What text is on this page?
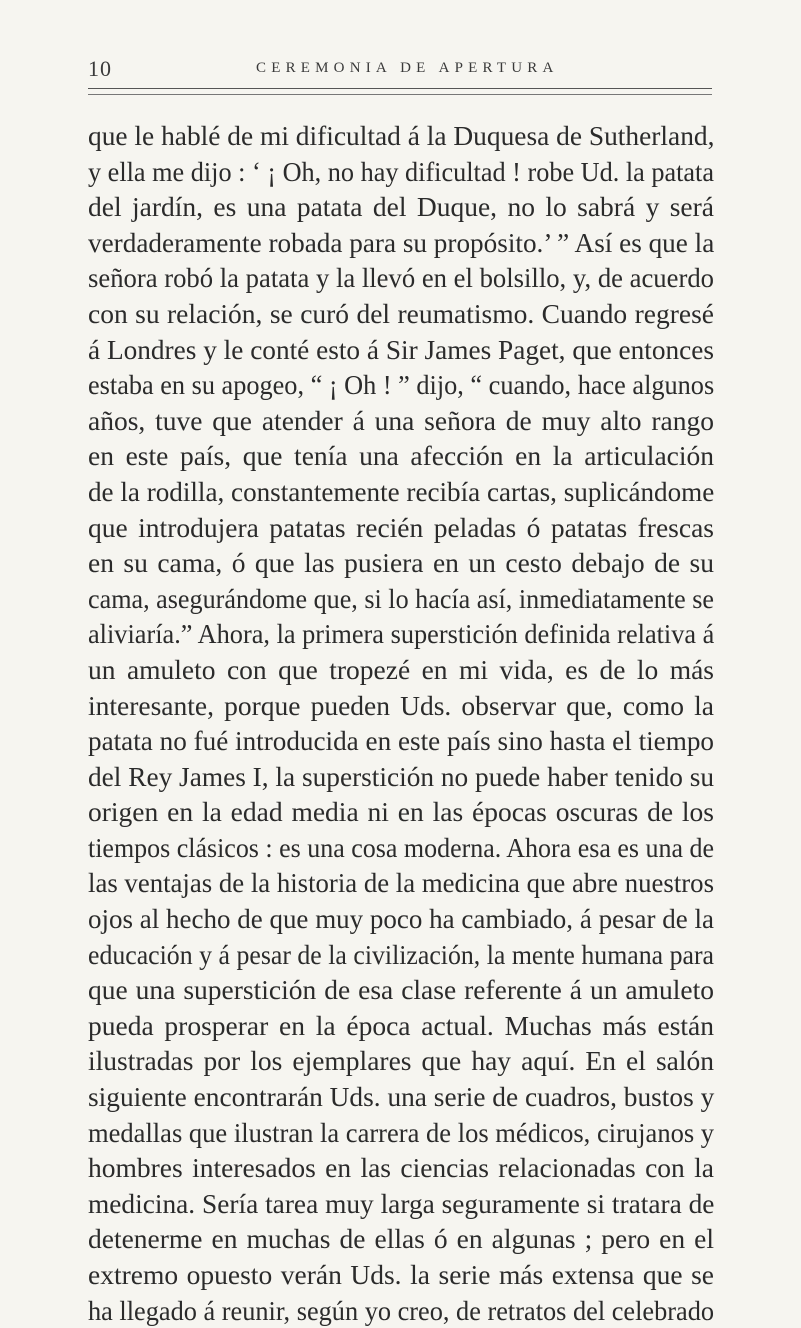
10	CEREMONIA DE APERTURA
que le hablé de mi dificultad á la Duquesa de Sutherland,
y ella me dijo : ‘ ¡ Oh, no hay dificultad ! robe Ud. la patata
del jardín, es una patata del Duque, no lo sabrá y será
verdaderamente robada para su propósito.’ ” Así es que la
señora robó la patata y la llevó en el bolsillo, y, de acuerdo
con su relación, se curó del reumatismo. Cuando regresé
á Londres y le conté esto á Sir James Paget, que entonces
estaba en su apogeo, “ ¡ Oh ! ” dijo, “ cuando, hace algunos
años, tuve que atender á una señora de muy alto rango
en este país, que tenía una afección en la articulación
de la rodilla, constantemente recibía cartas, suplicándome
que introdujera patatas recién peladas ó patatas frescas
en su cama, ó que las pusiera en un cesto debajo de su
cama, asegurándome que, si lo hacía así, inmediatamente se
aliviaría.” Ahora, la primera superstición definida relativa á
un amuleto con que tropezé en mi vida, es de lo más
interesante, porque pueden Uds. observar que, como la
patata no fué introducida en este país sino hasta el tiempo
del Rey James I, la superstición no puede haber tenido su
origen en la edad media ni en las épocas oscuras de los
tiempos clásicos : es una cosa moderna. Ahora esa es una de
las ventajas de la historia de la medicina que abre nuestros
ojos al hecho de que muy poco ha cambiado, á pesar de la
educación y á pesar de la civilización, la mente humana para
que una superstición de esa clase referente á un amuleto
pueda prosperar en la época actual. Muchas más están
ilustradas por los ejemplares que hay aquí. En el salón
siguiente encontrarán Uds. una serie de cuadros, bustos y
medallas que ilustran la carrera de los médicos, cirujanos y
hombres interesados en las ciencias relacionadas con la
medicina. Sería tarea muy larga seguramente si tratara de
detenerme en muchas de ellas ó en algunas ; pero en el
extremo opuesto verán Uds. la serie más extensa que se
ha llegado á reunir, según yo creo, de retratos del celebrado
